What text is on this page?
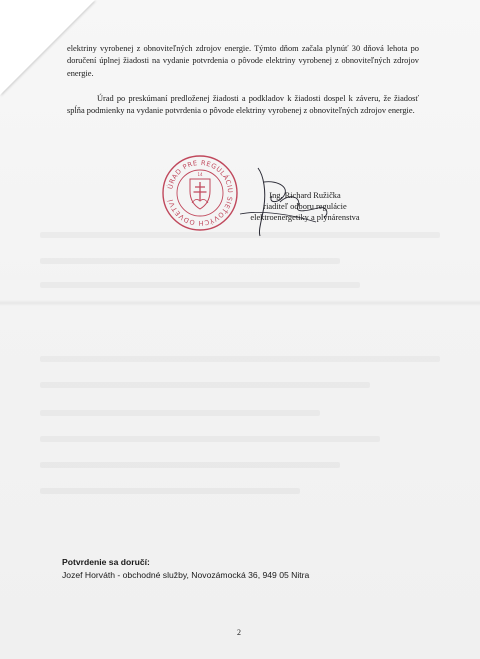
elektriny vyrobenej z obnoviteľných zdrojov energie. Týmto dňom začala plynúť 30 dňová lehota po doručení úplnej žiadosti na vydanie potvrdenia o pôvode elektriny vyrobenej z obnoviteľných zdrojov energie.

Úrad po preskúmaní predloženej žiadosti a podkladov k žiadosti dospel k záveru, že žiadosť spĺňa podmienky na vydanie potvrdenia o pôvode elektriny vyrobenej z obnoviteľných zdrojov energie.

ÚRAD PRE REGULÁCIU SIEŤOVÝCH ODVETVÍ
14
Ing. Richard Ružička
riaditeľ odboru regulácie
elektroenergetiky a plynárenstva
Potvrdenie sa doručí:
Jozef Horváth - obchodné služby, Novozámocká 36, 949 05 Nitra
2
